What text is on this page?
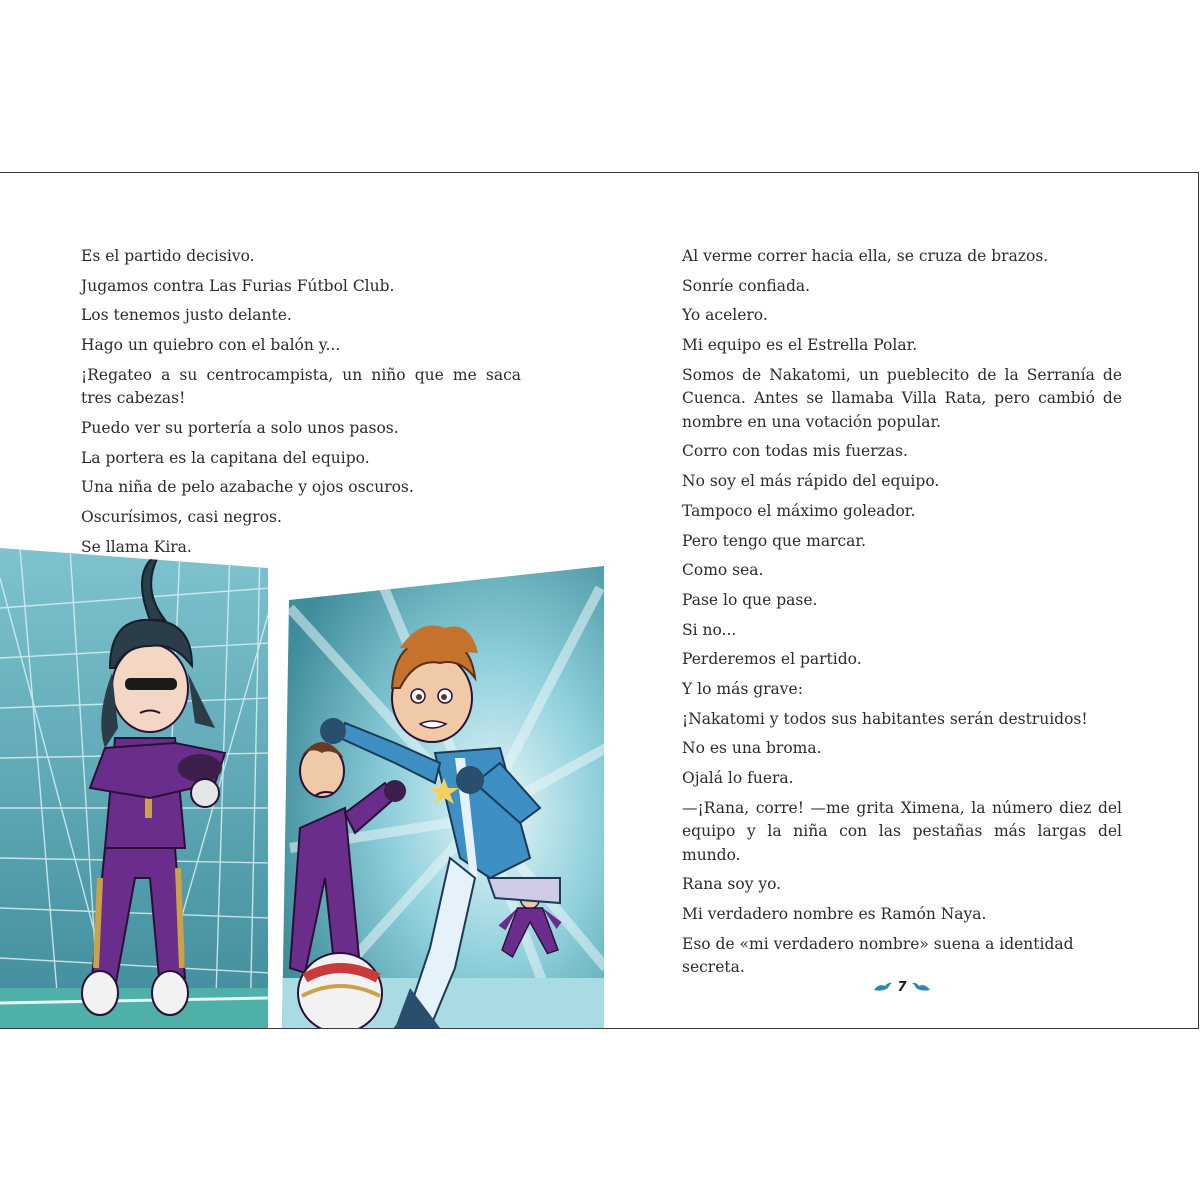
Es el partido decisivo.

Jugamos contra Las Furias Fútbol Club.

Los tenemos justo delante.

Hago un quiebro con el balón y...

¡Regateo a su centrocampista, un niño que me saca tres cabezas!

Puedo ver su portería a solo unos pasos.

La portera es la capitana del equipo.

Una niña de pelo azabache y ojos oscuros.

Oscurísimos, casi negros.

Se llama Kira.

Al verme correr hacia ella, se cruza de brazos.

Sonríe confiada.

Yo acelero.

Mi equipo es el Estrella Polar.

Somos de Nakatomi, un pueblecito de la Serranía de Cuenca. Antes se llamaba Villa Rata, pero cambió de nombre en una votación popular.

Corro con todas mis fuerzas.

No soy el más rápido del equipo.

Tampoco el máximo goleador.

Pero tengo que marcar.

Como sea.

Pase lo que pase.

Si no...

Perderemos el partido.

Y lo más grave:

¡Nakatomi y todos sus habitantes serán destruidos!

No es una broma.

Ojalá lo fuera.

—¡Rana, corre! —me grita Ximena, la número diez del equipo y la niña con las pestañas más largas del mundo.

Rana soy yo.

Mi verdadero nombre es Ramón Naya.

Eso de «mi verdadero nombre» suena a identidad secreta.

7
